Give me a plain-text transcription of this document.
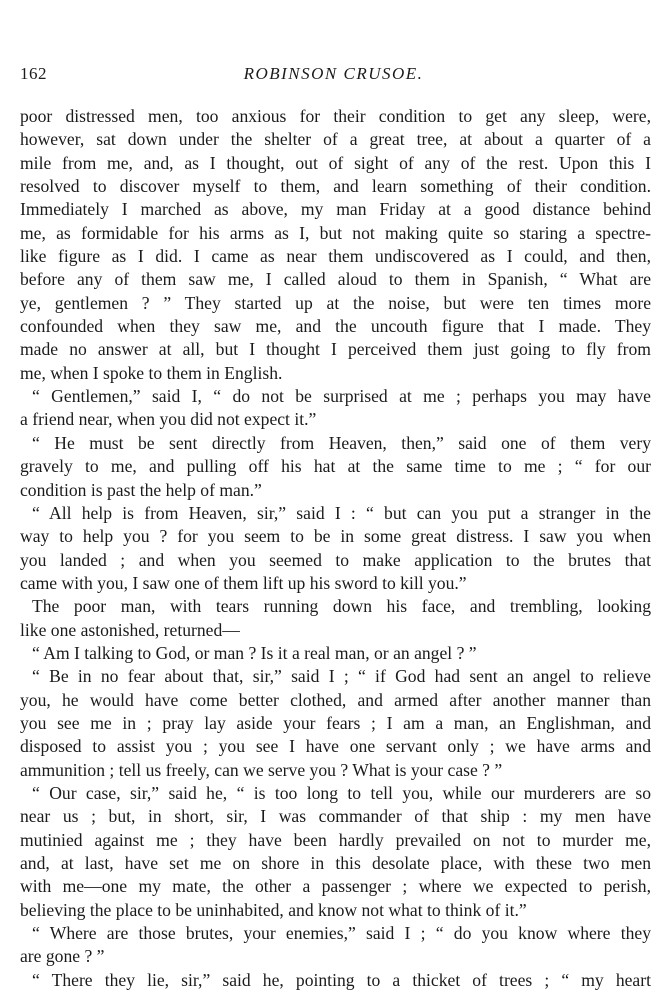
162	ROBINSON CRUSOE.
poor distressed men, too anxious for their condition to get any sleep, were,
however, sat down under the shelter of a great tree, at about a quarter of a
mile from me, and, as I thought, out of sight of any of the rest. Upon this I
resolved to discover myself to them, and learn something of their condition.
Immediately I marched as above, my man Friday at a good distance behind
me, as formidable for his arms as I, but not making quite so staring a spectre-
like figure as I did. I came as near them undiscovered as I could, and then,
before any of them saw me, I called aloud to them in Spanish, “ What are
ye, gentlemen ? ” They started up at the noise, but were ten times more
confounded when they saw me, and the uncouth figure that I made. They
made no answer at all, but I thought I perceived them just going to fly from
me, when I spoke to them in English.
“ Gentlemen,” said I, “ do not be surprised at me ; perhaps you may have
a friend near, when you did not expect it.”
“ He must be sent directly from Heaven, then,” said one of them very
gravely to me, and pulling off his hat at the same time to me ; “ for our
condition is past the help of man.”
“ All help is from Heaven, sir,” said I : “ but can you put a stranger in the
way to help you ? for you seem to be in some great distress. I saw you when
you landed ; and when you seemed to make application to the brutes that
came with you, I saw one of them lift up his sword to kill you.”
The poor man, with tears running down his face, and trembling, looking
like one astonished, returned—
“ Am I talking to God, or man ? Is it a real man, or an angel ? ”
“ Be in no fear about that, sir,” said I ; “ if God had sent an angel to relieve
you, he would have come better clothed, and armed after another manner than
you see me in ; pray lay aside your fears ; I am a man, an Englishman, and
disposed to assist you ; you see I have one servant only ; we have arms and
ammunition ; tell us freely, can we serve you ? What is your case ? ”
“ Our case, sir,” said he, “ is too long to tell you, while our murderers are so
near us ; but, in short, sir, I was commander of that ship : my men have
mutinied against me ; they have been hardly prevailed on not to murder me,
and, at last, have set me on shore in this desolate place, with these two men
with me—one my mate, the other a passenger ; where we expected to perish,
believing the place to be uninhabited, and know not what to think of it.”
“ Where are those brutes, your enemies,” said I ; “ do you know where they
are gone ? ”
“ There they lie, sir,” said he, pointing to a thicket of trees ; “ my heart
